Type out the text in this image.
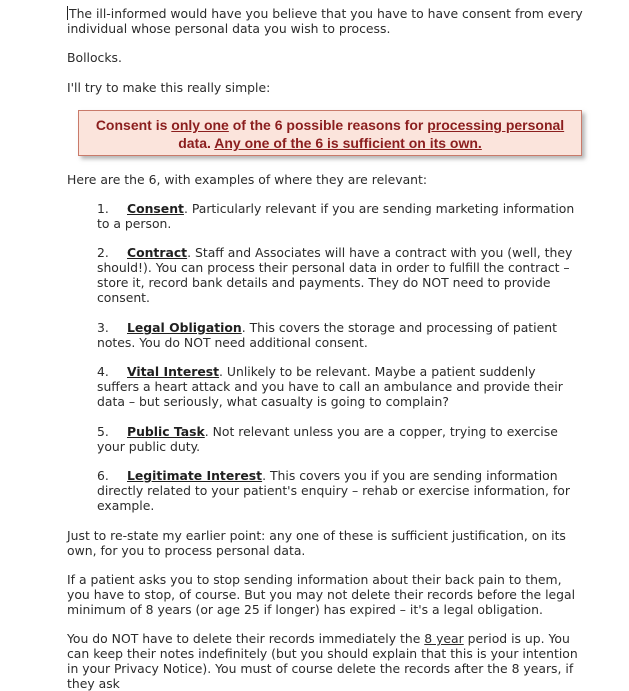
The ill-informed would have you believe that you have to have consent from every individual whose personal data you wish to process.

Bollocks.

I'll try to make this really simple:

Consent is only one of the 6 possible reasons for processing personal data. Any one of the 6 is sufficient on its own.

Here are the 6, with examples of where they are relevant:

1. Consent. Particularly relevant if you are sending marketing information to a person.

2. Contract. Staff and Associates will have a contract with you (well, they should!). You can process their personal data in order to fulfill the contract – store it, record bank details and payments. They do NOT need to provide consent.

3. Legal Obligation. This covers the storage and processing of patient notes. You do NOT need additional consent.

4. Vital Interest. Unlikely to be relevant. Maybe a patient suddenly suffers a heart attack and you have to call an ambulance and provide their data – but seriously, what casualty is going to complain?

5. Public Task. Not relevant unless you are a copper, trying to exercise your public duty.

6. Legitimate Interest. This covers you if you are sending information directly related to your patient's enquiry – rehab or exercise information, for example.

Just to re-state my earlier point: any one of these is sufficient justification, on its own, for you to process personal data.

If a patient asks you to stop sending information about their back pain to them, you have to stop, of course. But you may not delete their records before the legal minimum of 8 years (or age 25 if longer) has expired – it's a legal obligation.

You do NOT have to delete their records immediately the 8 year period is up. You can keep their notes indefinitely (but you should explain that this is your intention in your Privacy Notice). You must of course delete the records after the 8 years, if they ask
